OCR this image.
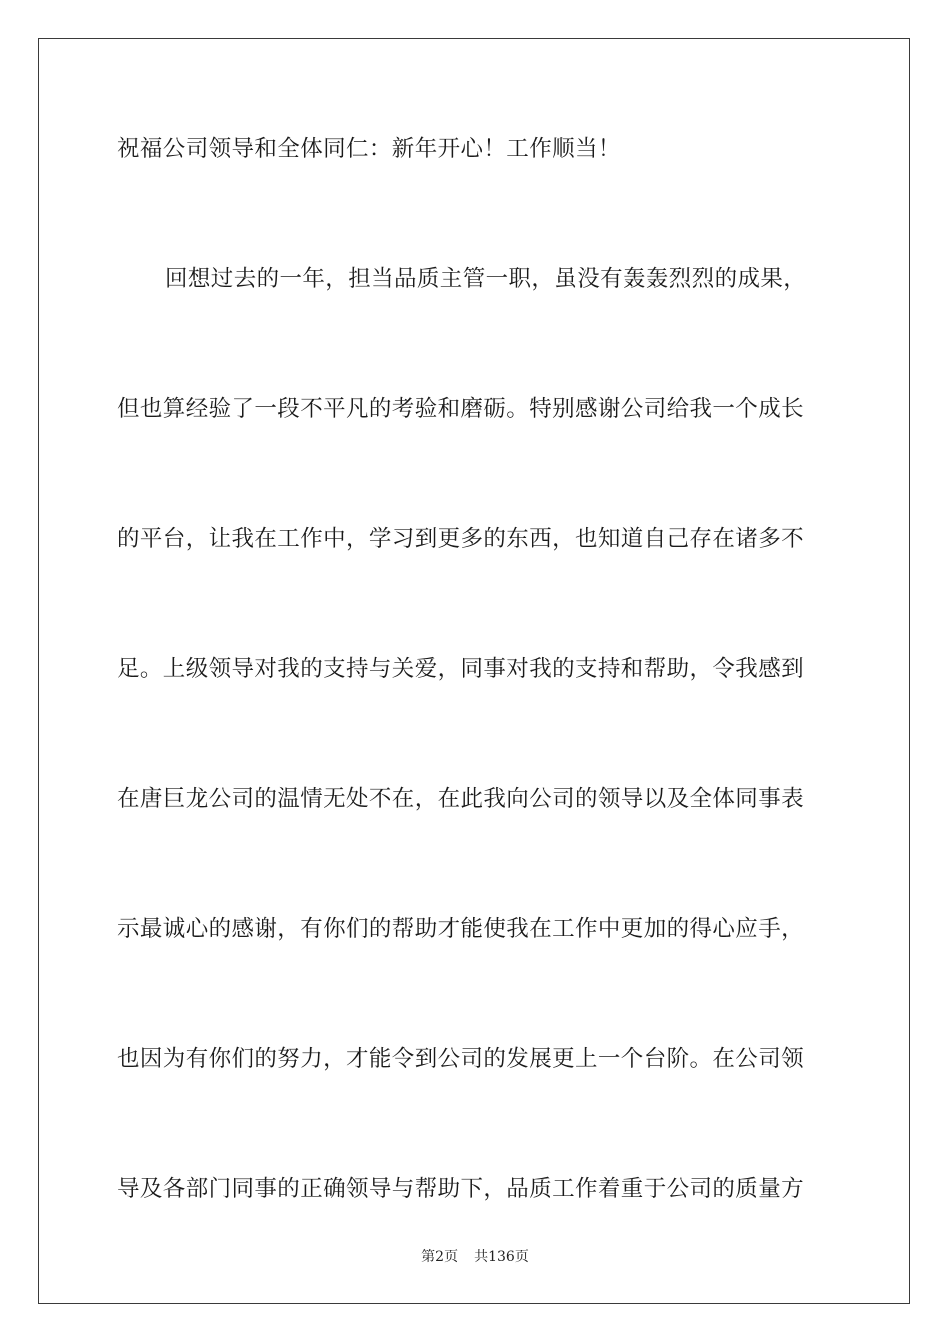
祝福公司领导和全体同仁：新年开心！工作顺当！
回想过去的一年，担当品质主管一职，虽没有轰轰烈烈的成果，
但也算经验了一段不平凡的考验和磨砺。特别感谢公司给我一个成长
的平台，让我在工作中，学习到更多的东西，也知道自己存在诸多不
足。上级领导对我的支持与关爱，同事对我的支持和帮助，令我感到
在唐巨龙公司的温情无处不在，在此我向公司的领导以及全体同事表
示最诚心的感谢，有你们的帮助才能使我在工作中更加的得心应手，
也因为有你们的努力，才能令到公司的发展更上一个台阶。在公司领
导及各部门同事的正确领导与帮助下，品质工作着重于公司的质量方
第2页 共136页
